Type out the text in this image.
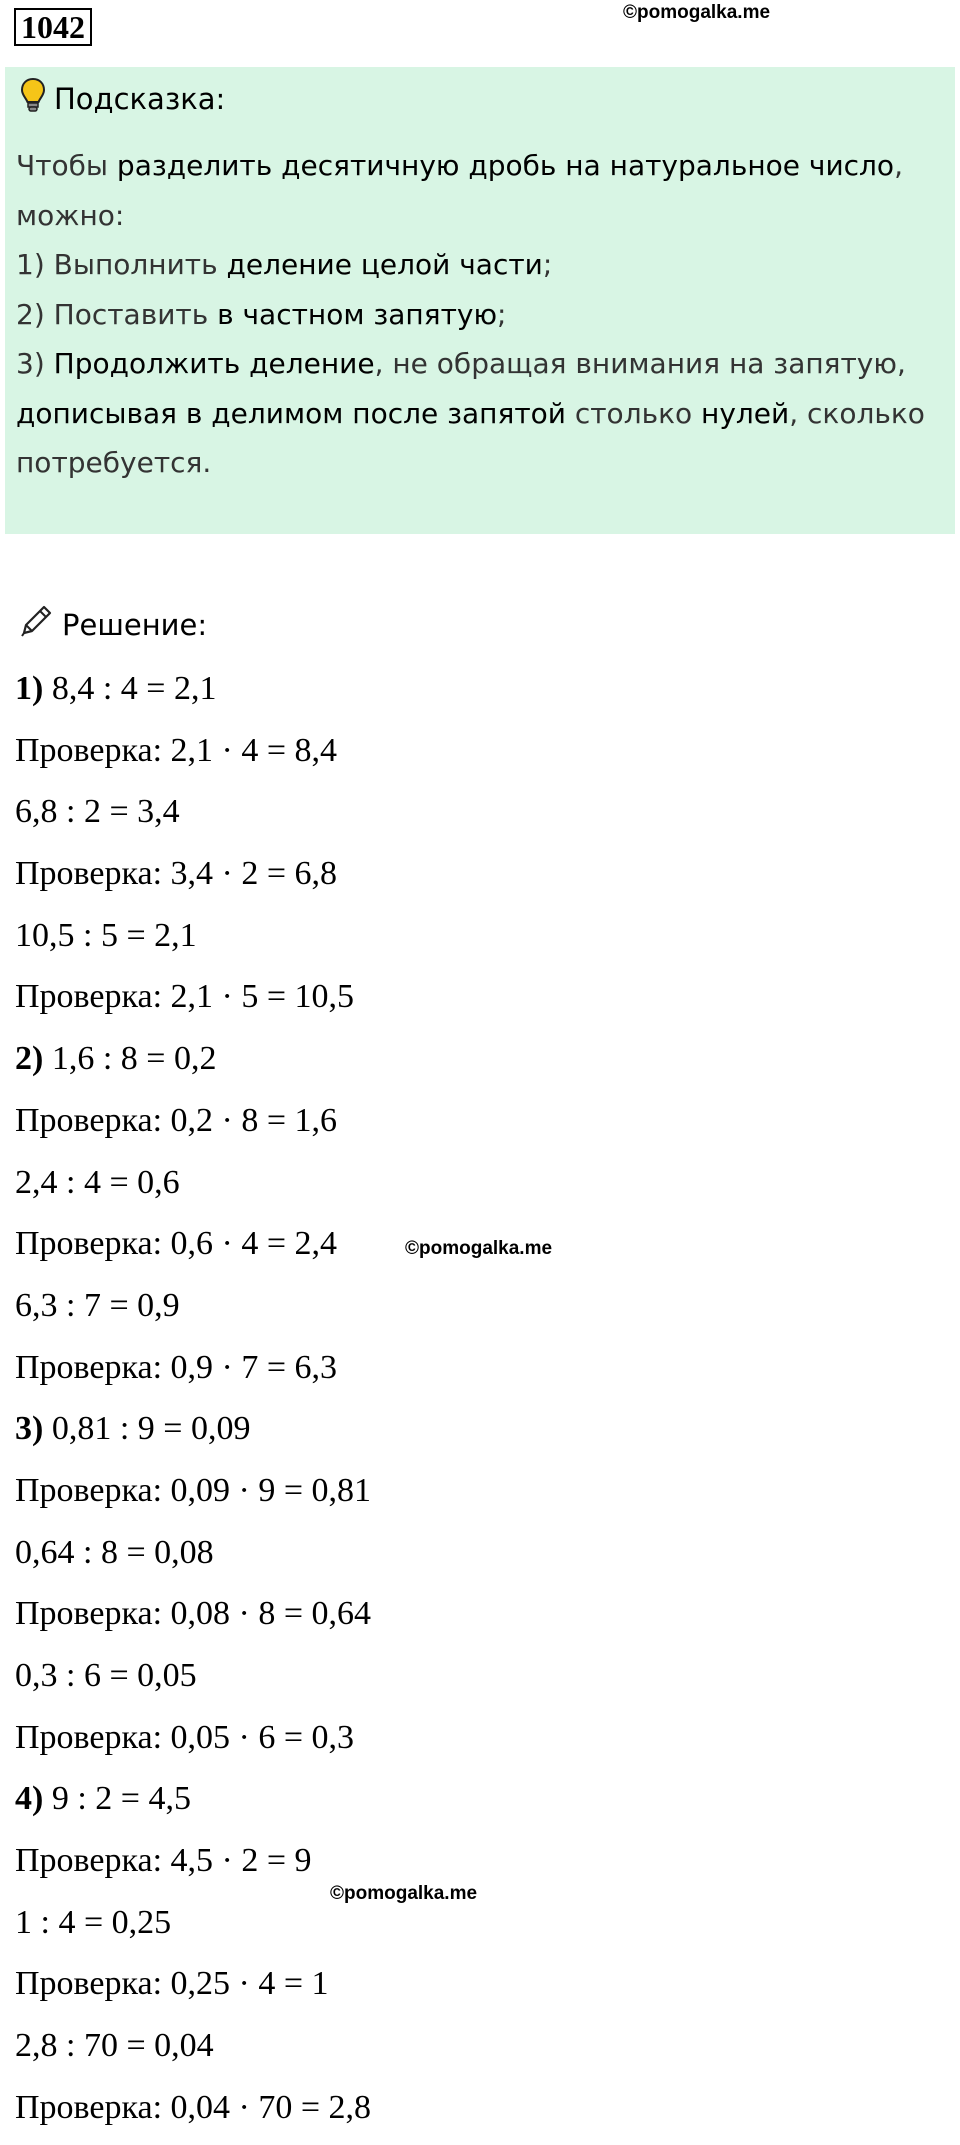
1042	©pomogalka.me
Подсказка:
Чтобы разделить десятичную дробь на натуральное число,
можно:
1) Выполнить деление целой части;
2) Поставить в частном запятую;
3) Продолжить деление, не обращая внимания на запятую,
дописывая в делимом после запятой столько нулей, сколько
потребуется.
Решение:
1) 8,4 : 4 = 2,1
Проверка: 2,1 · 4 = 8,4
6,8 : 2 = 3,4
Проверка: 3,4 · 2 = 6,8
10,5 : 5 = 2,1
Проверка: 2,1 · 5 = 10,5
2) 1,6 : 8 = 0,2
Проверка: 0,2 · 8 = 1,6
2,4 : 4 = 0,6
Проверка: 0,6 · 4 = 2,4
6,3 : 7 = 0,9
Проверка: 0,9 · 7 = 6,3
3) 0,81 : 9 = 0,09
Проверка: 0,09 · 9 = 0,81
0,64 : 8 = 0,08
Проверка: 0,08 · 8 = 0,64
0,3 : 6 = 0,05
Проверка: 0,05 · 6 = 0,3
4) 9 : 2 = 4,5
Проверка: 4,5 · 2 = 9
1 : 4 = 0,25
Проверка: 0,25 · 4 = 1
2,8 : 70 = 0,04
Проверка: 0,04 · 70 = 2,8
©pomogalka.me
©pomogalka.me
